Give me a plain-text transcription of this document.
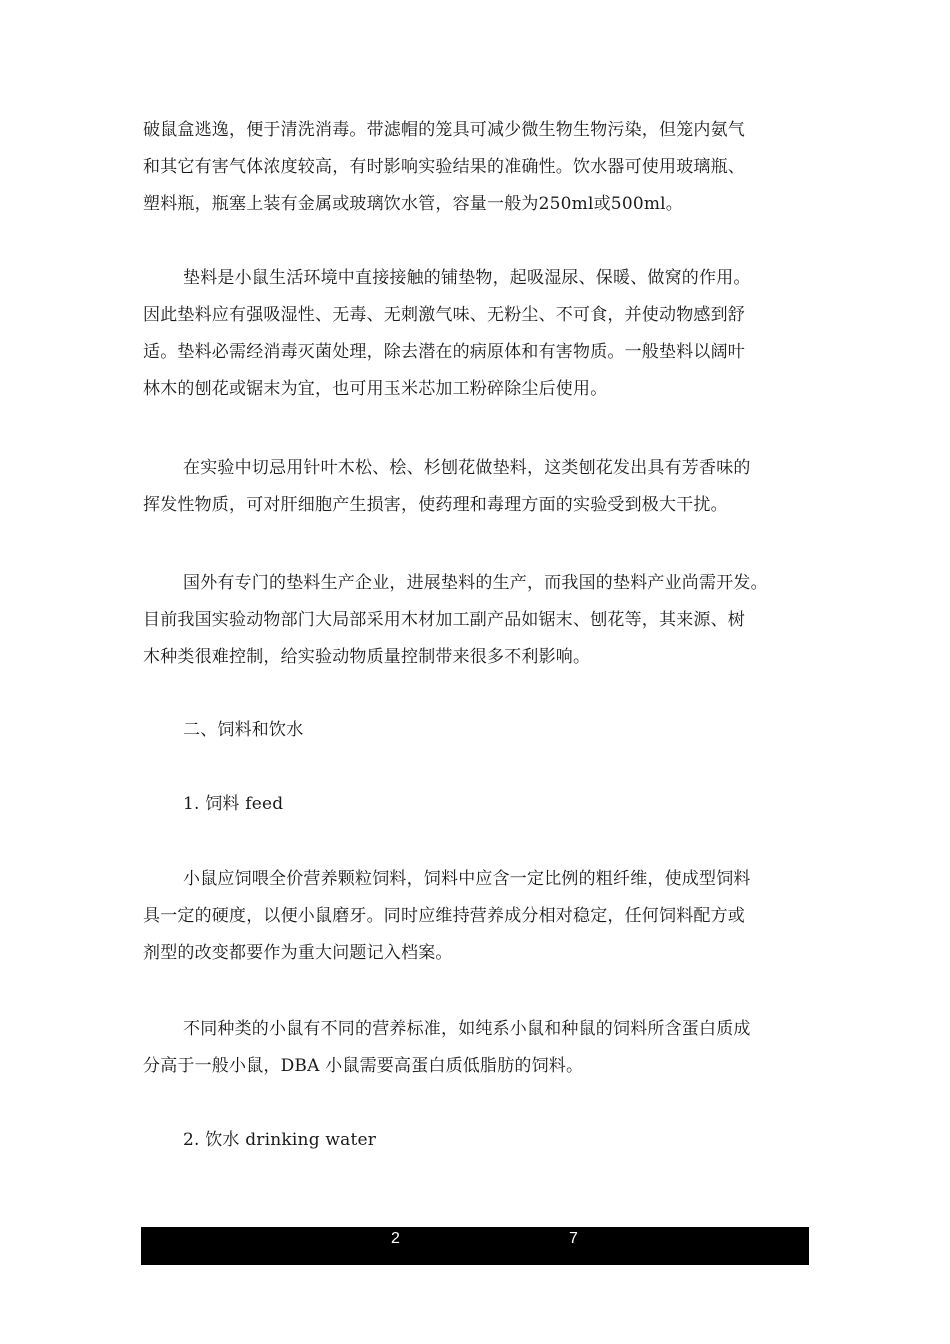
破鼠盒逃逸，便于清洗消毒。带滤帽的笼具可减少微生物生物污染，但笼内氨气
和其它有害气体浓度较高，有时影响实验结果的准确性。饮水器可使用玻璃瓶、
塑料瓶，瓶塞上装有金属或玻璃饮水管，容量一般为250ml或500ml。

垫料是小鼠生活环境中直接接触的铺垫物，起吸湿尿、保暖、做窝的作用。
因此垫料应有强吸湿性、无毒、无刺激气味、无粉尘、不可食，并使动物感到舒
适。垫料必需经消毒灭菌处理，除去潜在的病原体和有害物质。一般垫料以阔叶
林木的刨花或锯末为宜，也可用玉米芯加工粉碎除尘后使用。

在实验中切忌用针叶木松、桧、杉刨花做垫料，这类刨花发出具有芳香味的
挥发性物质，可对肝细胞产生损害，使药理和毒理方面的实验受到极大干扰。

国外有专门的垫料生产企业，进展垫料的生产，而我国的垫料产业尚需开发。
目前我国实验动物部门大局部采用木材加工副产品如锯末、刨花等，其来源、树
木种类很难控制，给实验动物质量控制带来很多不利影响。

二、饲料和饮水

1. 饲料 feed

小鼠应饲喂全价营养颗粒饲料，饲料中应含一定比例的粗纤维，使成型饲料
具一定的硬度，以便小鼠磨牙。同时应维持营养成分相对稳定，任何饲料配方或
剂型的改变都要作为重大问题记入档案。

不同种类的小鼠有不同的营养标准，如纯系小鼠和种鼠的饲料所含蛋白质成
分高于一般小鼠，DBA 小鼠需要高蛋白质低脂肪的饲料。

2. 饮水 drinking water

2	7
